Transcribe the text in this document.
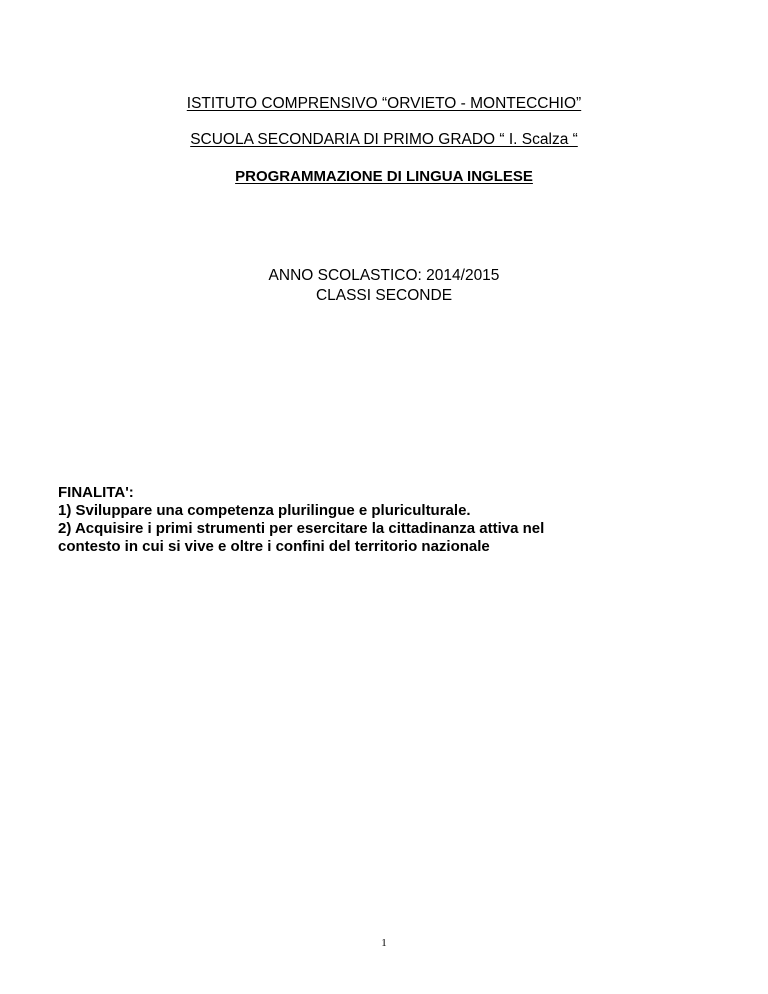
ISTITUTO COMPRENSIVO “ORVIETO - MONTECCHIO”
SCUOLA SECONDARIA DI PRIMO GRADO “ I. Scalza “
PROGRAMMAZIONE DI LINGUA INGLESE
ANNO SCOLASTICO: 2014/2015
CLASSI SECONDE
FINALITA':
1) Sviluppare una competenza plurilingue e pluriculturale.
2) Acquisire i primi strumenti per esercitare la cittadinanza attiva nel
contesto in cui si vive e oltre i confini del territorio nazionale
1
